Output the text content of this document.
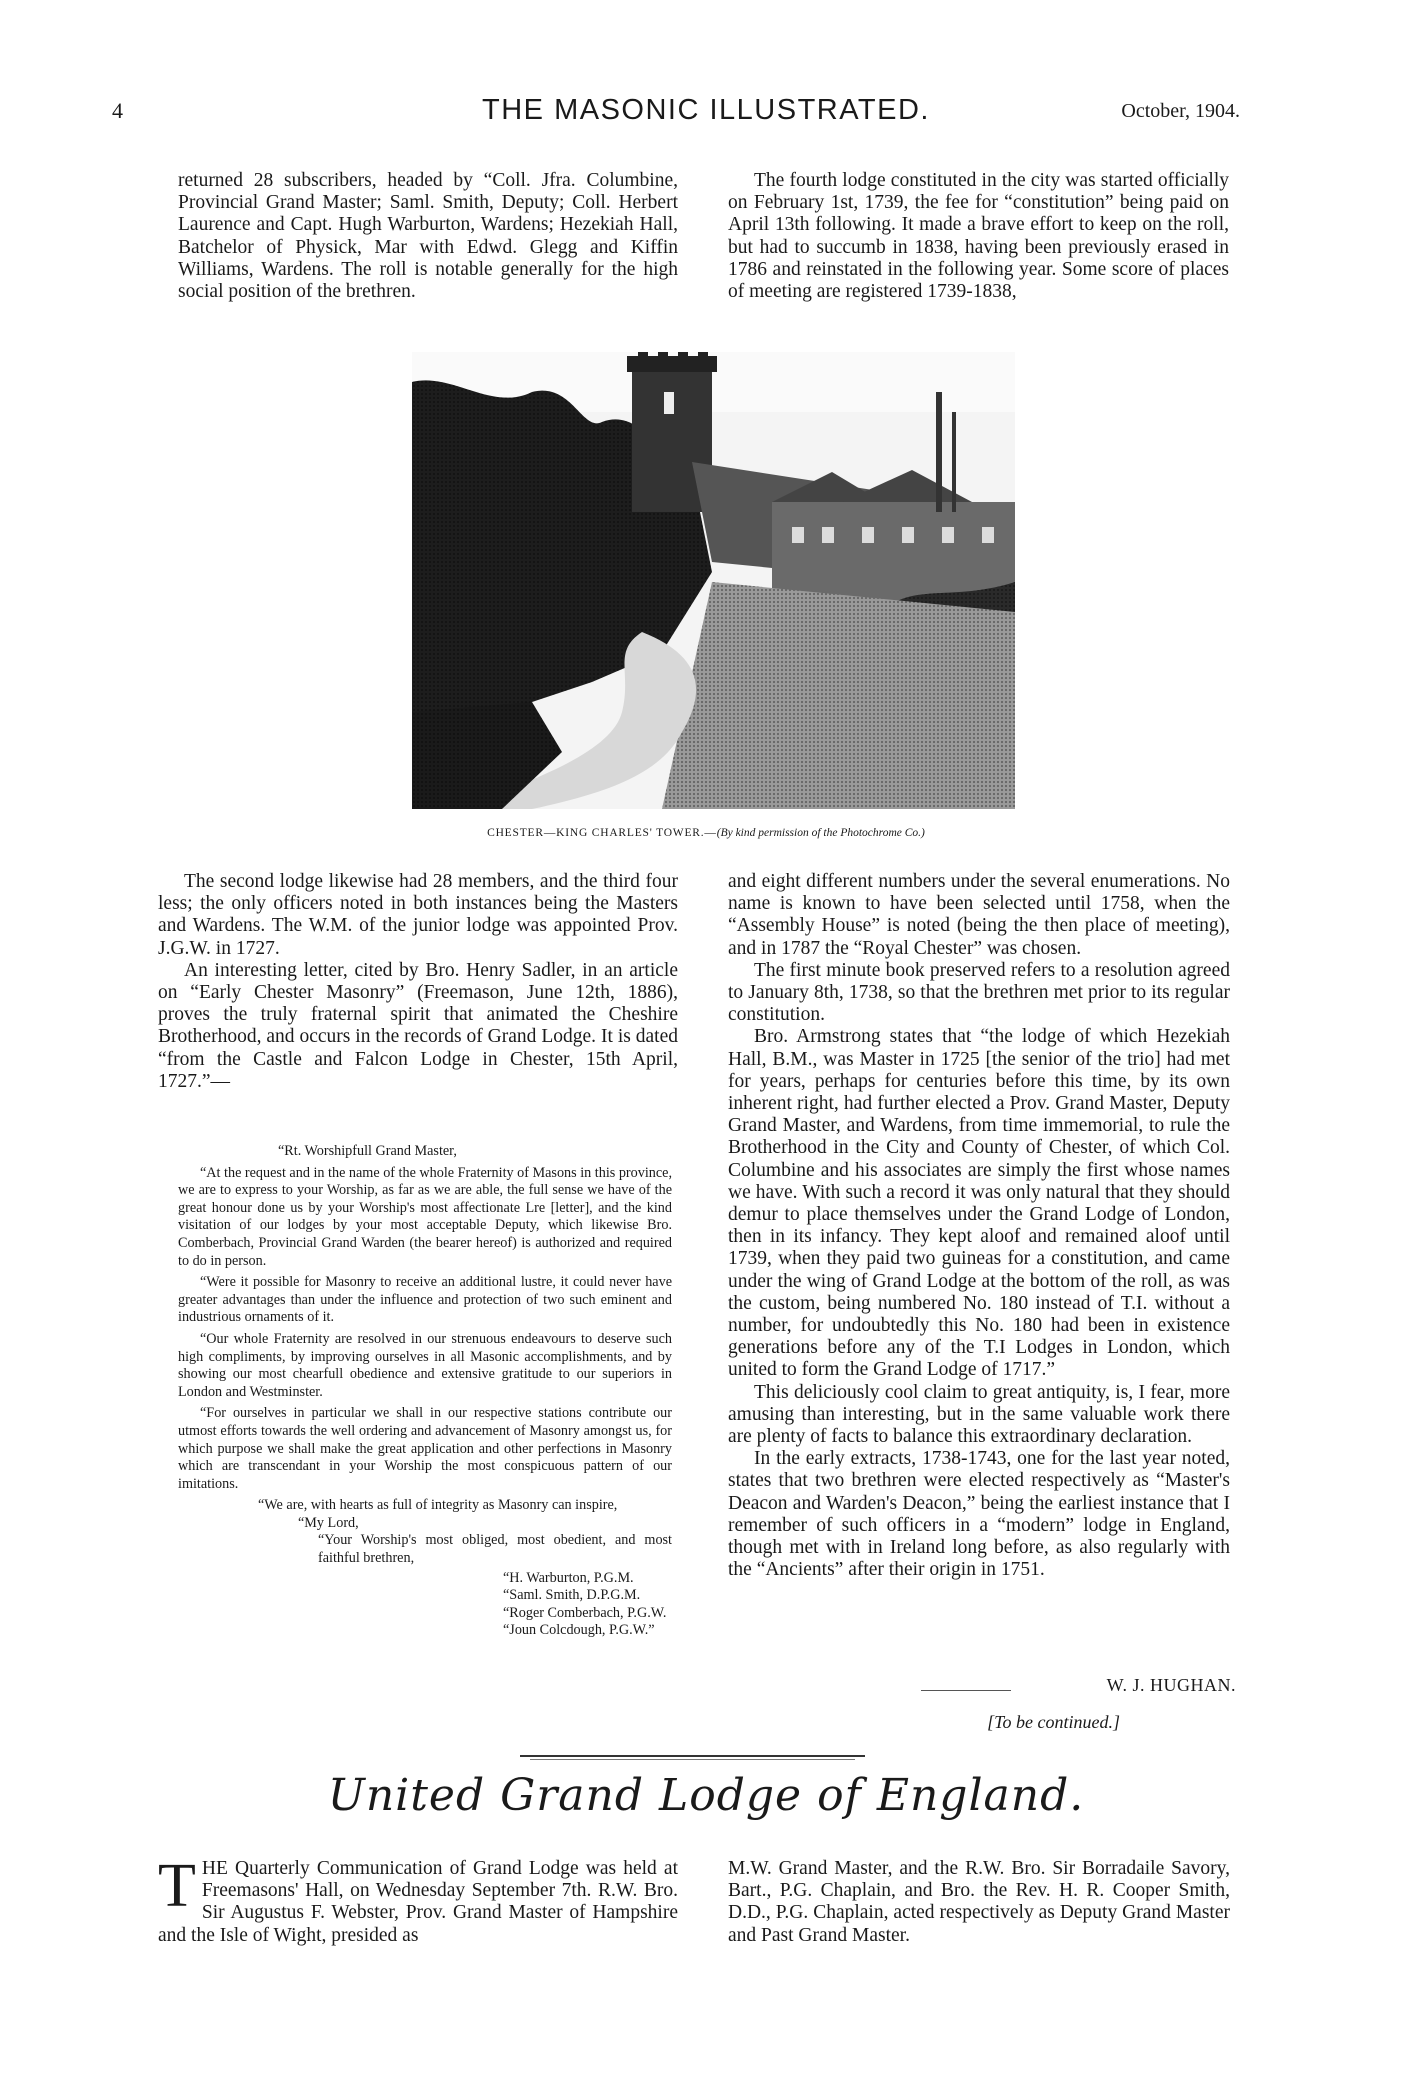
4	THE MASONIC ILLUSTRATED.	October, 1904.

returned 28 subscribers, headed by “Coll. Jfra. Columbine, Provincial Grand Master; Saml. Smith, Deputy; Coll. Herbert Laurence and Capt. Hugh Warburton, Wardens; Hezekiah Hall, Batchelor of Physick, Mar with Edwd. Glegg and Kiffin Williams, Wardens. The roll is notable generally for the high social position of the brethren.

The fourth lodge constituted in the city was started officially on February 1st, 1739, the fee for “constitution” being paid on April 13th following. It made a brave effort to keep on the roll, but had to succumb in 1838, having been previously erased in 1786 and reinstated in the following year. Some score of places of meeting are registered 1739-1838,

CHESTER—KING CHARLES' TOWER.—(By kind permission of the Photochrome Co.)

The second lodge likewise had 28 members, and the third four less; the only officers noted in both instances being the Masters and Wardens. The W.M. of the junior lodge was appointed Prov. J.G.W. in 1727.

An interesting letter, cited by Bro. Henry Sadler, in an article on “Early Chester Masonry” (Freemason, June 12th, 1886), proves the truly fraternal spirit that animated the Cheshire Brotherhood, and occurs in the records of Grand Lodge. It is dated “from the Castle and Falcon Lodge in Chester, 15th April, 1727.”—

“Rt. Worshipfull Grand Master,

“At the request and in the name of the whole Fraternity of Masons in this province, we are to express to your Worship, as far as we are able, the full sense we have of the great honour done us by your Worship's most affectionate Lre [letter], and the kind visitation of our lodges by your most acceptable Deputy, which likewise Bro. Comberbach, Provincial Grand Warden (the bearer hereof) is authorized and required to do in person.

“Were it possible for Masonry to receive an additional lustre, it could never have greater advantages than under the influence and protection of two such eminent and industrious ornaments of it.

“Our whole Fraternity are resolved in our strenuous endeavours to deserve such high compliments, by improving ourselves in all Masonic accomplishments, and by showing our most chearfull obedience and extensive gratitude to our superiors in London and Westminster.

“For ourselves in particular we shall in our respective stations contribute our utmost efforts towards the well ordering and advancement of Masonry amongst us, for which purpose we shall make the great application and other perfections in Masonry which are transcendant in your Worship the most conspicuous pattern of our imitations.

“We are, with hearts as full of integrity as Masonry can inspire,

“My Lord,

“Your Worship's most obliged, most obedient, and most faithful brethren,

“H. Warburton, P.G.M.

“Saml. Smith, D.P.G.M.

“Roger Comberbach, P.G.W.

“Joun Colcdough, P.G.W.”

and eight different numbers under the several enumerations. No name is known to have been selected until 1758, when the “Assembly House” is noted (being the then place of meeting), and in 1787 the “Royal Chester” was chosen.

The first minute book preserved refers to a resolution agreed to January 8th, 1738, so that the brethren met prior to its regular constitution.

Bro. Armstrong states that “the lodge of which Hezekiah Hall, B.M., was Master in 1725 [the senior of the trio] had met for years, perhaps for centuries before this time, by its own inherent right, had further elected a Prov. Grand Master, Deputy Grand Master, and Wardens, from time immemorial, to rule the Brotherhood in the City and County of Chester, of which Col. Columbine and his associates are simply the first whose names we have. With such a record it was only natural that they should demur to place themselves under the Grand Lodge of London, then in its infancy. They kept aloof and remained aloof until 1739, when they paid two guineas for a constitution, and came under the wing of Grand Lodge at the bottom of the roll, as was the custom, being numbered No. 180 instead of T.I. without a number, for undoubtedly this No. 180 had been in existence generations before any of the T.I Lodges in London, which united to form the Grand Lodge of 1717.”

This deliciously cool claim to great antiquity, is, I fear, more amusing than interesting, but in the same valuable work there are plenty of facts to balance this extraordinary declaration.

In the early extracts, 1738-1743, one for the last year noted, states that two brethren were elected respectively as “Master's Deacon and Warden's Deacon,” being the earliest instance that I remember of such officers in a “modern” lodge in England, though met with in Ireland long before, as also regularly with the “Ancients” after their origin in 1751.

W. J. HUGHAN.
[To be continued.]
United Grand Lodge of England.

THE Quarterly Communication of Grand Lodge was held at Freemasons' Hall, on Wednesday September 7th. R.W. Bro. Sir Augustus F. Webster, Prov. Grand Master of Hampshire and the Isle of Wight, presided as

M.W. Grand Master, and the R.W. Bro. Sir Borradaile Savory, Bart., P.G. Chaplain, and Bro. the Rev. H. R. Cooper Smith, D.D., P.G. Chaplain, acted respectively as Deputy Grand Master and Past Grand Master.
